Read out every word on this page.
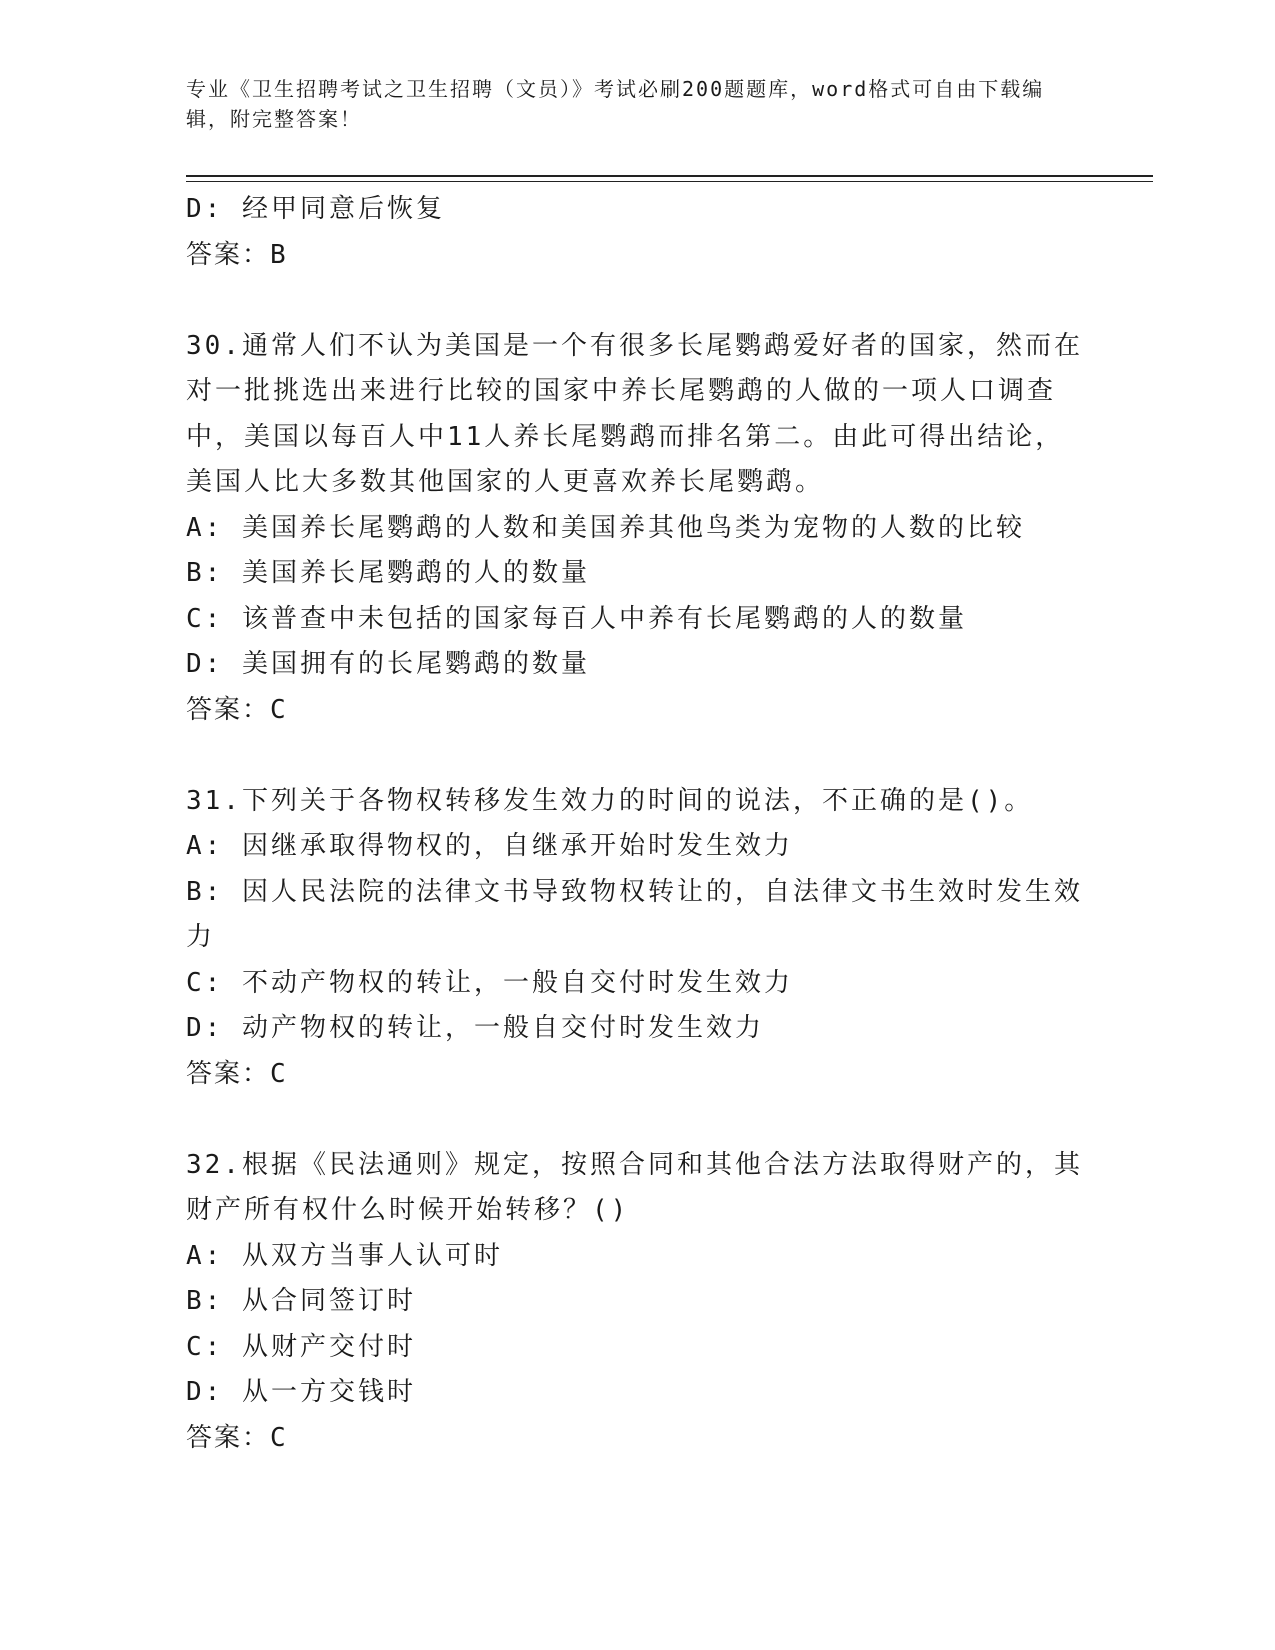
专业《卫生招聘考试之卫生招聘（文员）》考试必刷200题题库，word格式可自由下载编辑，附完整答案！

D: 经甲同意后恢复

答案：B

30.通常人们不认为美国是一个有很多长尾鹦鹉爱好者的国家，然而在对一批挑选出来进行比较的国家中养长尾鹦鹉的人做的一项人口调查中，美国以每百人中11人养长尾鹦鹉而排名第二。由此可得出结论，美国人比大多数其他国家的人更喜欢养长尾鹦鹉。

A: 美国养长尾鹦鹉的人数和美国养其他鸟类为宠物的人数的比较

B: 美国养长尾鹦鹉的人的数量

C: 该普查中未包括的国家每百人中养有长尾鹦鹉的人的数量

D: 美国拥有的长尾鹦鹉的数量

答案：C

31.下列关于各物权转移发生效力的时间的说法，不正确的是()。

A: 因继承取得物权的，自继承开始时发生效力

B: 因人民法院的法律文书导致物权转让的，自法律文书生效时发生效力

C: 不动产物权的转让，一般自交付时发生效力

D: 动产物权的转让，一般自交付时发生效力

答案：C

32.根据《民法通则》规定，按照合同和其他合法方法取得财产的，其财产所有权什么时候开始转移？()

A: 从双方当事人认可时

B: 从合同签订时

C: 从财产交付时

D: 从一方交钱时

答案：C
